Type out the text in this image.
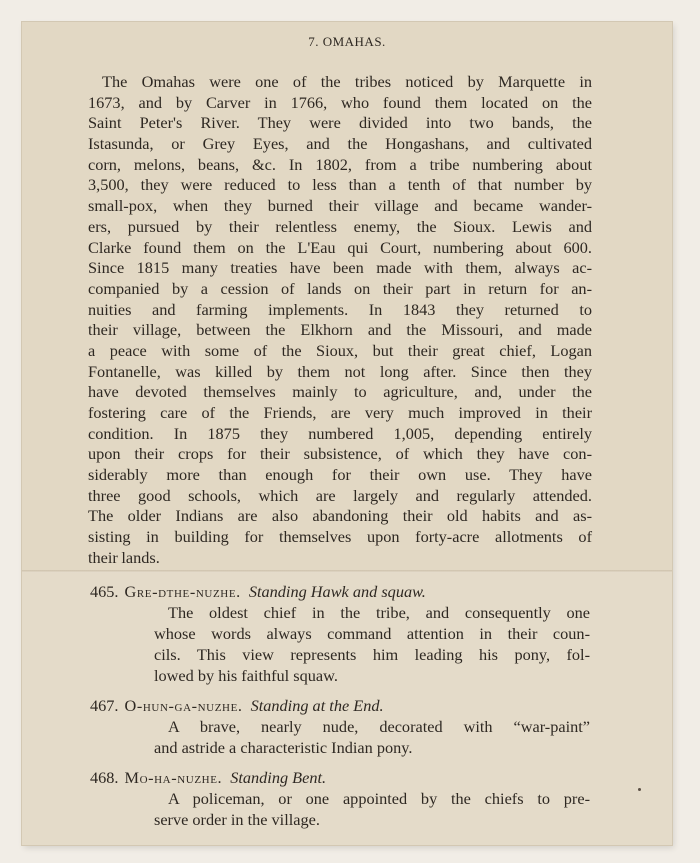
7. OMAHAS.
The Omahas were one of the tribes noticed by Marquette in
1673, and by Carver in 1766, who found them located on the
Saint Peter's River. They were divided into two bands, the
Istasunda, or Grey Eyes, and the Hongashans, and cultivated
corn, melons, beans, &c. In 1802, from a tribe numbering about
3,500, they were reduced to less than a tenth of that number by
small-pox, when they burned their village and became wander-
ers, pursued by their relentless enemy, the Sioux. Lewis and
Clarke found them on the L'Eau qui Court, numbering about 600.
Since 1815 many treaties have been made with them, always ac-
companied by a cession of lands on their part in return for an-
nuities and farming implements. In 1843 they returned to
their village, between the Elkhorn and the Missouri, and made
a peace with some of the Sioux, but their great chief, Logan
Fontanelle, was killed by them not long after. Since then they
have devoted themselves mainly to agriculture, and, under the
fostering care of the Friends, are very much improved in their
condition. In 1875 they numbered 1,005, depending entirely
upon their crops for their subsistence, of which they have con-
siderably more than enough for their own use. They have
three good schools, which are largely and regularly attended.
The older Indians are also abandoning their old habits and as-
sisting in building for themselves upon forty-acre allotments of
their lands.
465. Gre-dthe-nuzhe. Standing Hawk and squaw.
The oldest chief in the tribe, and consequently one
whose words always command attention in their coun-
cils. This view represents him leading his pony, fol-
lowed by his faithful squaw.
467. O-hun-ga-nuzhe. Standing at the End.
A brave, nearly nude, decorated with “war-paint”
and astride a characteristic Indian pony.
468. Mo-ha-nuzhe. Standing Bent.
A policeman, or one appointed by the chiefs to pre-
serve order in the village.
